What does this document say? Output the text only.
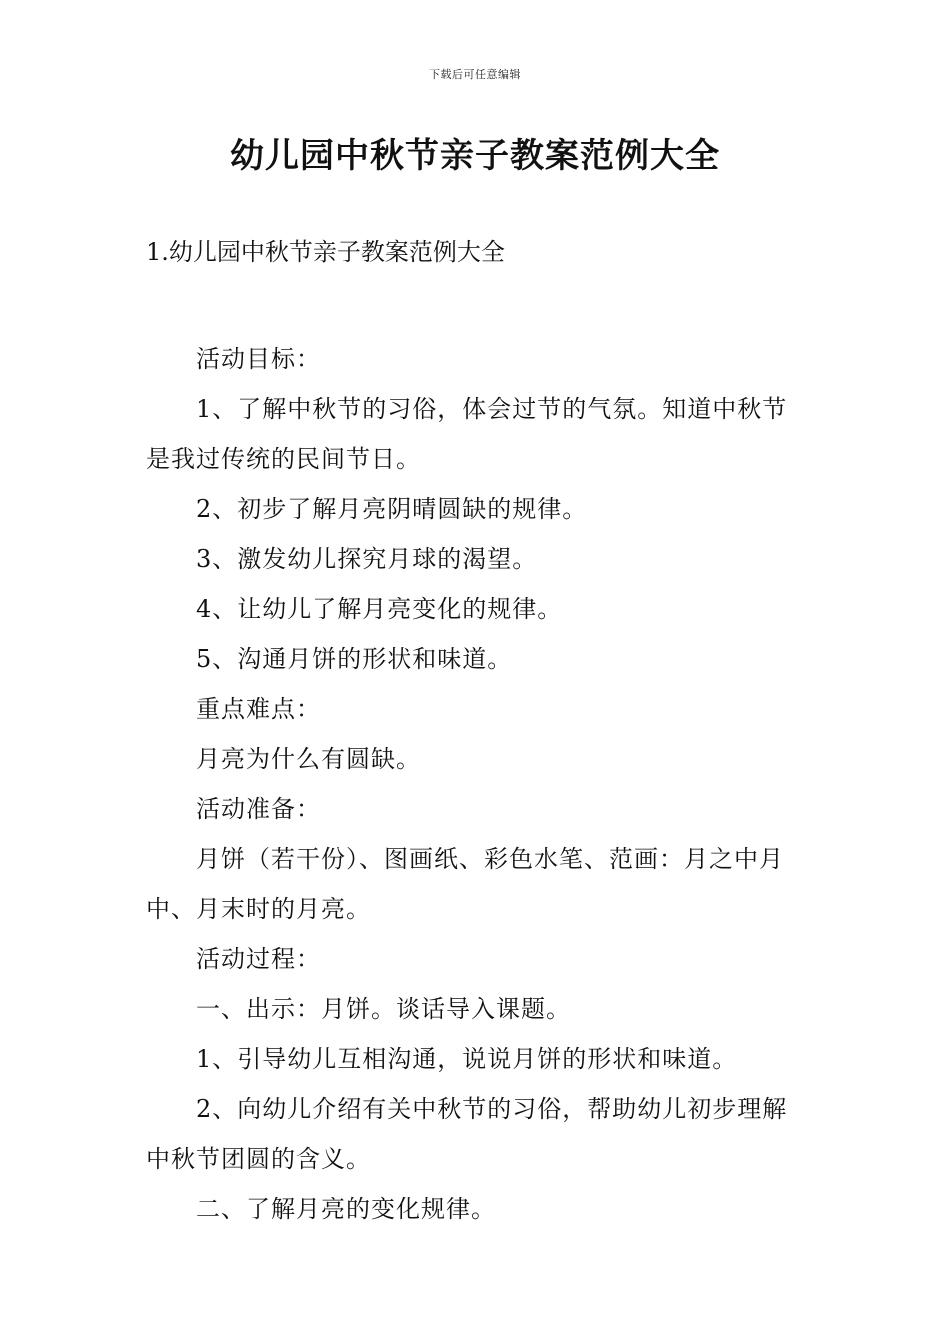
下载后可任意编辑
幼儿园中秋节亲子教案范例大全
1.幼儿园中秋节亲子教案范例大全

活动目标：

1、了解中秋节的习俗，体会过节的气氛。知道中秋节是我过传统的民间节日。

2、初步了解月亮阴晴圆缺的规律。

3、激发幼儿探究月球的渴望。

4、让幼儿了解月亮变化的规律。

5、沟通月饼的形状和味道。

重点难点：

月亮为什么有圆缺。

活动准备：

月饼（若干份）、图画纸、彩色水笔、范画：月之中月中、月末时的月亮。

活动过程：

一、出示：月饼。谈话导入课题。

1、引导幼儿互相沟通，说说月饼的形状和味道。

2、向幼儿介绍有关中秋节的习俗，帮助幼儿初步理解中秋节团圆的含义。

二、了解月亮的变化规律。
